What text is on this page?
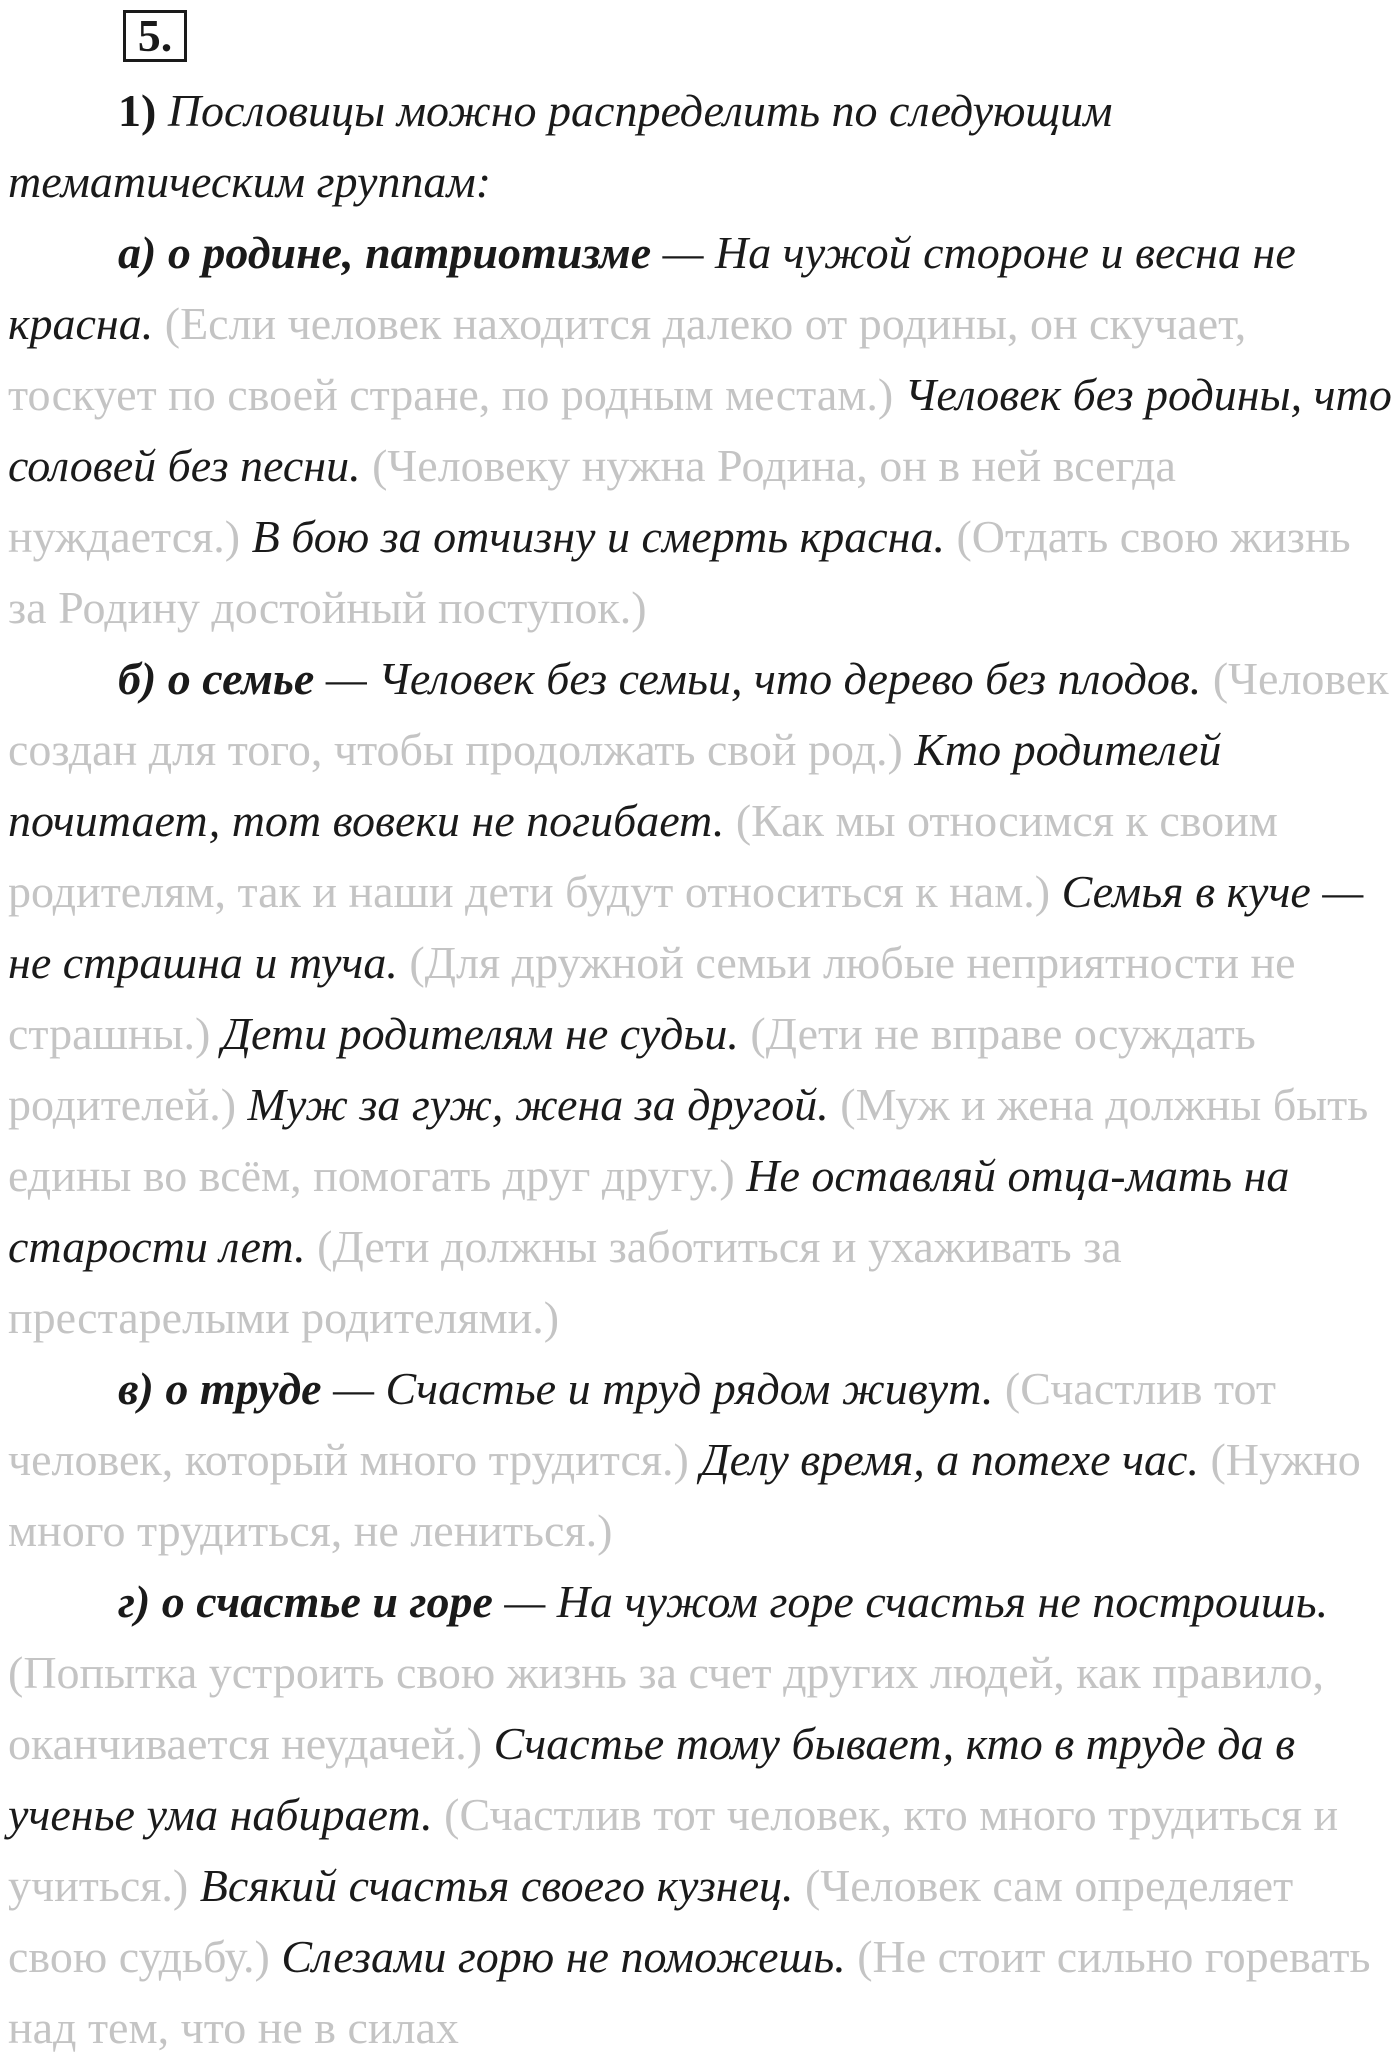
5.

1) Пословицы можно распределить по следующим тематическим группам:

а) о родине, патриотизме — На чужой стороне и весна не красна. (Если человек находится далеко от родины, он скучает, тоскует по своей стране, по родным местам.) Человек без родины, что соловей без песни. (Человеку нужна Родина, он в ней всегда нуждается.) В бою за отчизну и смерть красна. (Отдать свою жизнь за Родину достойный поступок.)

б) о семье — Человек без семьи, что дерево без плодов. (Человек создан для того, чтобы продолжать свой род.) Кто родителей почитает, тот вовеки не погибает. (Как мы относимся к своим родителям, так и наши дети будут относиться к нам.) Семья в куче — не страшна и туча. (Для дружной семьи любые неприятности не страшны.) Дети родителям не судьи. (Дети не вправе осуждать родителей.) Муж за гуж, жена за другой. (Муж и жена должны быть едины во всём, помогать друг другу.) Не оставляй отца-мать на старости лет. (Дети должны заботиться и ухаживать за престарелыми родителями.)

в) о труде — Счастье и труд рядом живут. (Счастлив тот человек, который много трудится.) Делу время, а потехе час. (Нужно много трудиться, не лениться.)

г) о счастье и горе — На чужом горе счастья не построишь. (Попытка устроить свою жизнь за счет других людей, как правило, оканчивается неудачей.) Счастье тому бывает, кто в труде да в ученье ума набирает. (Счастлив тот человек, кто много трудиться и учиться.) Всякий счастья своего кузнец. (Человек сам определяет свою судьбу.) Слезами горю не поможешь. (Не стоит сильно горевать над тем, что не в силах
